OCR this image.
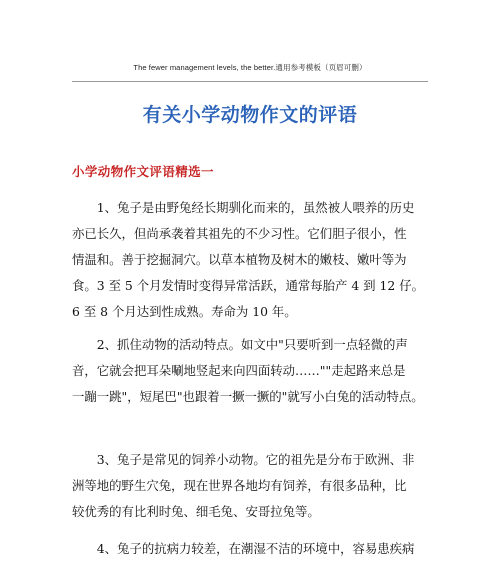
The fewer management levels, the better.通用参考模板（页眉可删）
有关小学动物作文的评语
小学动物作文评语精选一
　　1、兔子是由野兔经长期驯化而来的，虽然被人喂养的历史
亦已长久，但尚承袭着其祖先的不少习性。它们胆子很小，性
情温和。善于挖掘洞穴。以草本植物及树木的嫩枝、嫩叶等为
食。3 至 5 个月发情时变得异常活跃，通常每胎产 4 到 12 仔。
6 至 8 个月达到性成熟。寿命为 10 年。
　　2、抓住动物的活动特点。如文中"只要听到一点轻微的声
音，它就会把耳朵唰地竖起来向四面转动……""走起路来总是
一蹦一跳"，短尾巴"也跟着一撅一撅的"就写小白兔的活动特点。
　　3、兔子是常见的饲养小动物。它的祖先是分布于欧洲、非
洲等地的野生穴兔，现在世界各地均有饲养，有很多品种，比
较优秀的有比利时兔、细毛兔、安哥拉兔等。
　　4、兔子的抗病力较差，在潮湿不洁的环境中，容易患疾病
